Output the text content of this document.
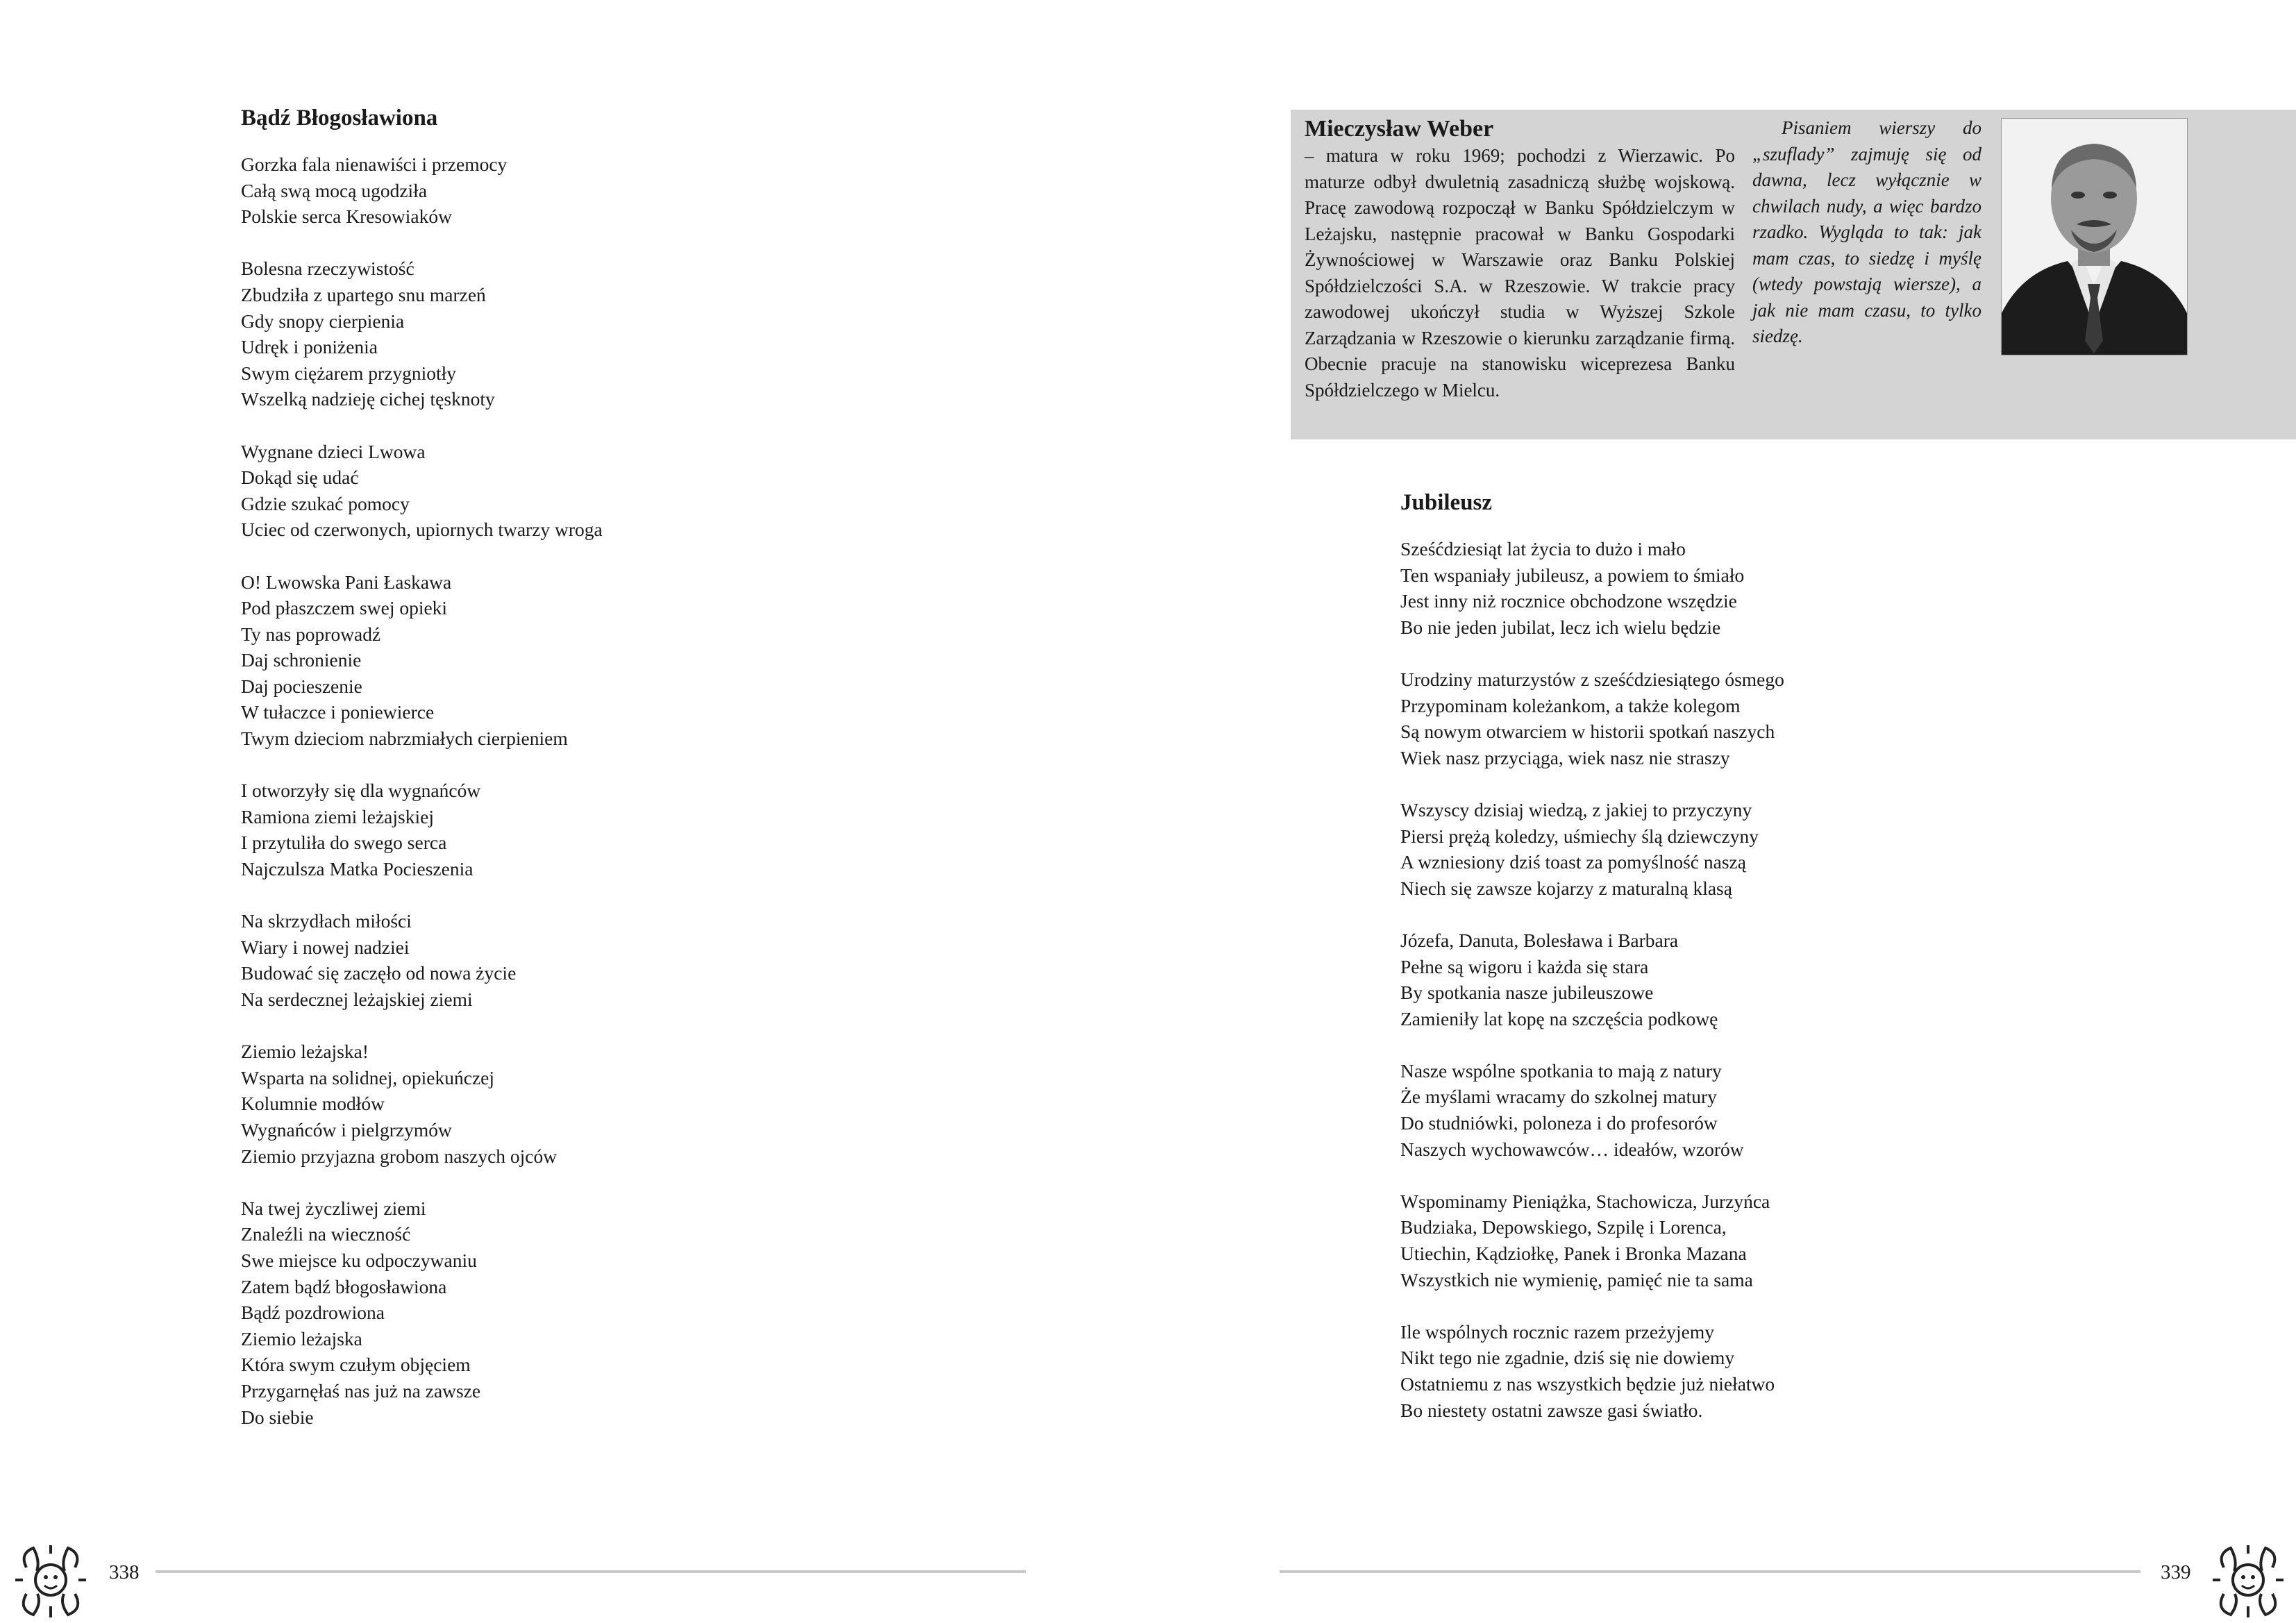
Bądź Błogosławiona
Gorzka fala nienawiści i przemocy
Całą swą mocą ugodziła
Polskie serca Kresowiaków
Bolesna rzeczywistość
Zbudziła z upartego snu marzeń
Gdy snopy cierpienia
Udręk i poniżenia
Swym ciężarem przygniotły
Wszelką nadzieję cichej tęsknoty
Wygnane dzieci Lwowa
Dokąd się udać
Gdzie szukać pomocy
Uciec od czerwonych, upiornych twarzy wroga
O! Lwowska Pani Łaskawa
Pod płaszczem swej opieki
Ty nas poprowadź
Daj schronienie
Daj pocieszenie
W tułaczce i poniewierce
Twym dzieciom nabrzmiałych cierpieniem
I otworzyły się dla wygnańców
Ramiona ziemi leżajskiej
I przytuliła do swego serca
Najczulsza Matka Pocieszenia
Na skrzydłach miłości
Wiary i nowej nadziei
Budować się zaczęło od nowa życie
Na serdecznej leżajskiej ziemi
Ziemio leżajska!
Wsparta na solidnej, opiekuńczej
Kolumnie modłów
Wygnańców i pielgrzymów
Ziemio przyjazna grobom naszych ojców
Na twej życzliwej ziemi
Znaleźli na wieczność
Swe miejsce ku odpoczywaniu
Zatem bądź błogosławiona
Bądź pozdrowiona
Ziemio leżajska
Która swym czułym objęciem
Przygarnęłaś nas już na zawsze
Do siebie
338
Mieczysław Weber
– matura w roku 1969; pochodzi z Wierzawic. Po maturze odbył dwuletnią zasadniczą służbę wojskową. Pracę zawodową rozpoczął w Banku Spółdzielczym w Leżajsku, następnie pracował w Banku Gospodarki Żywnościowej w Warszawie oraz Banku Polskiej Spółdzielczości S.A. w Rzeszowie. W trakcie pracy zawodowej ukończył studia w Wyższej Szkole Zarządzania w Rzeszowie o kierunku zarządzanie firmą. Obecnie pracuje na stanowisku wiceprezesa Banku Spółdzielczego w Mielcu.
Pisaniem wierszy do „szuflady” zajmuję się od dawna, lecz wyłącznie w chwilach nudy, a więc bardzo rzadko. Wygląda to tak: jak mam czas, to siedzę i myślę (wtedy powstają wiersze), a jak nie mam czasu, to tylko siedzę.
Jubileusz
Sześćdziesiąt lat życia to dużo i mało
Ten wspaniały jubileusz, a powiem to śmiało
Jest inny niż rocznice obchodzone wszędzie
Bo nie jeden jubilat, lecz ich wielu będzie
Urodziny maturzystów z sześćdziesiątego ósmego
Przypominam koleżankom, a także kolegom
Są nowym otwarciem w historii spotkań naszych
Wiek nasz przyciąga, wiek nasz nie straszy
Wszyscy dzisiaj wiedzą, z jakiej to przyczyny
Piersi prężą koledzy, uśmiechy ślą dziewczyny
A wzniesiony dziś toast za pomyślność naszą
Niech się zawsze kojarzy z maturalną klasą
Józefa, Danuta, Bolesława i Barbara
Pełne są wigoru i każda się stara
By spotkania nasze jubileuszowe
Zamieniły lat kopę na szczęścia podkowę
Nasze wspólne spotkania to mają z natury
Że myślami wracamy do szkolnej matury
Do studniówki, poloneza i do profesorów
Naszych wychowawców… ideałów, wzorów
Wspominamy Pieniążka, Stachowicza, Jurzyńca
Budziaka, Depowskiego, Szpilę i Lorenca,
Utiechin, Kądziołkę, Panek i Bronka Mazana
Wszystkich nie wymienię, pamięć nie ta sama
Ile wspólnych rocznic razem przeżyjemy
Nikt tego nie zgadnie, dziś się nie dowiemy
Ostatniemu z nas wszystkich będzie już niełatwo
Bo niestety ostatni zawsze gasi światło.
339
